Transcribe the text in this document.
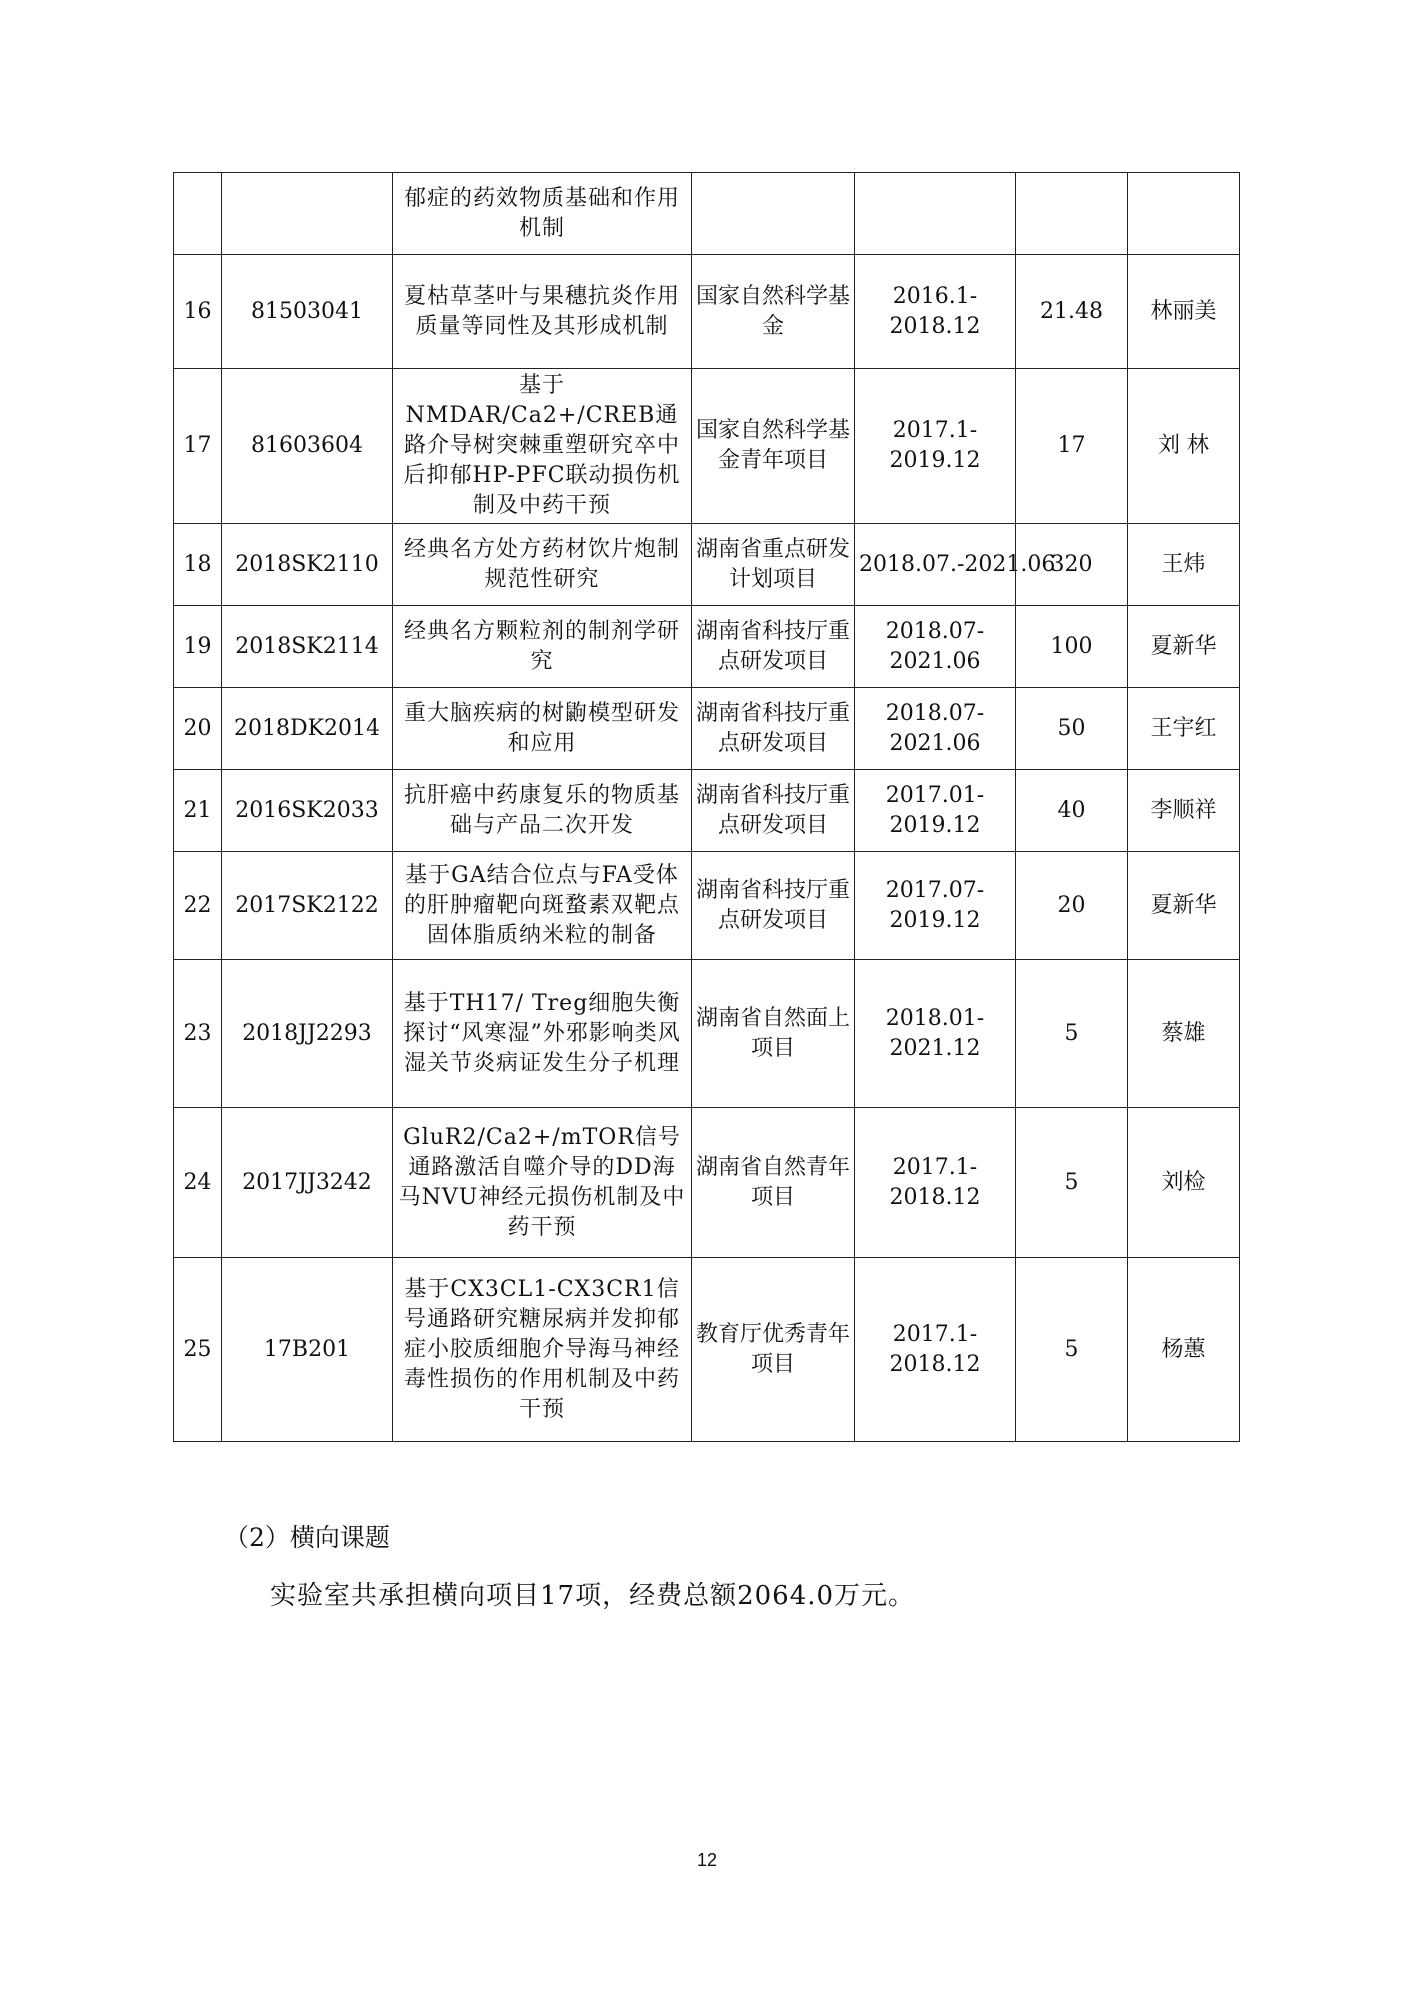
		郁症的药效物质基础和作用机制				
16	81503041	夏枯草茎叶与果穗抗炎作用质量等同性及其形成机制	国家自然科学基金	2016.1-2018.12	21.48	林丽美
17	81603604	基于NMDAR/Ca2+/CREB通路介导树突棘重塑研究卒中后抑郁HP-PFC联动损伤机制及中药干预	国家自然科学基金青年项目	2017.1-2019.12	17	刘 林
18	2018SK2110	经典名方处方药材饮片炮制规范性研究	湖南省重点研发计划项目	2018.07.-2021.06	320	王炜
19	2018SK2114	经典名方颗粒剂的制剂学研究	湖南省科技厅重点研发项目	2018.07-2021.06	100	夏新华
20	2018DK2014	重大脑疾病的树鼩模型研发和应用	湖南省科技厅重点研发项目	2018.07-2021.06	50	王宇红
21	2016SK2033	抗肝癌中药康复乐的物质基础与产品二次开发	湖南省科技厅重点研发项目	2017.01-2019.12	40	李顺祥
22	2017SK2122	基于GA结合位点与FA受体的肝肿瘤靶向斑蝥素双靶点固体脂质纳米粒的制备	湖南省科技厅重点研发项目	2017.07-2019.12	20	夏新华
23	2018JJ2293	基于TH17/ Treg细胞失衡探讨“风寒湿”外邪影响类风湿关节炎病证发生分子机理	湖南省自然面上项目	2018.01-2021.12	5	蔡雄
24	2017JJ3242	GluR2/Ca2+/mTOR信号通路激活自噬介导的DD海马NVU神经元损伤机制及中药干预	湖南省自然青年项目	2017.1-2018.12	5	刘检
25	17B201	基于CX3CL1-CX3CR1信号通路研究糖尿病并发抑郁症小胶质细胞介导海马神经毒性损伤的作用机制及中药干预	教育厅优秀青年项目	2017.1-2018.12	5	杨蕙
（2）横向课题
实验室共承担横向项目17项，经费总额2064.0万元。
12
